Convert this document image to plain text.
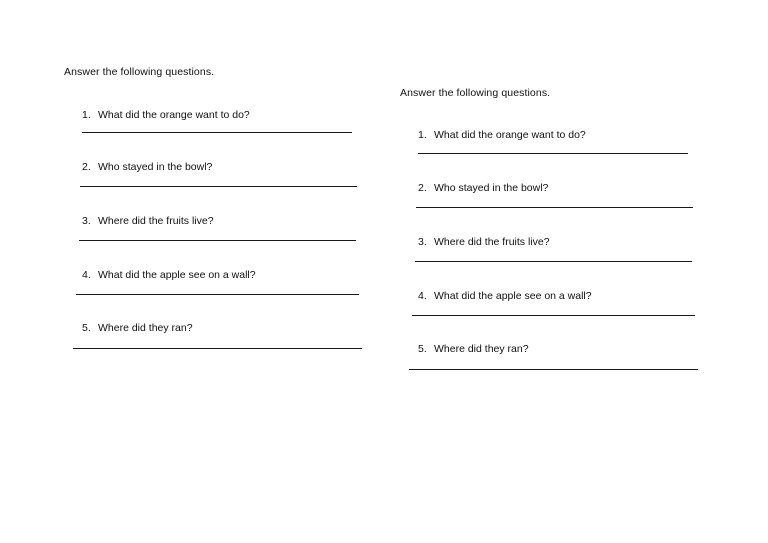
Answer the following questions.

1. What did the orange want to do?
2. Who stayed in the bowl?
3. Where did the fruits live?
4. What did the apple see on a wall?
5. Where did they ran?

Answer the following questions.

1. What did the orange want to do?
2. Who stayed in the bowl?
3. Where did the fruits live?
4. What did the apple see on a wall?
5. Where did they ran?
